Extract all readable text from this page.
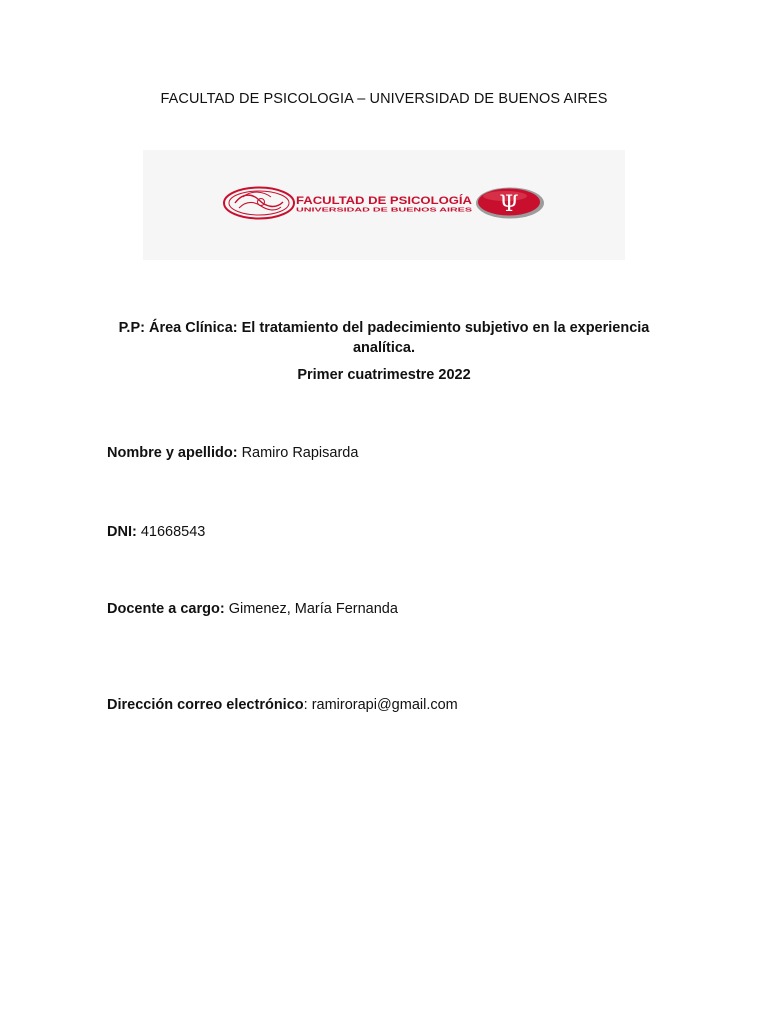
FACULTAD DE PSICOLOGIA – UNIVERSIDAD DE BUENOS AIRES
FACULTAD DE PSICOLOGÍA
UNIVERSIDAD DE BUENOS AIRES Ψ
P.P: Área Clínica: El tratamiento del padecimiento subjetivo en la experiencia analítica.
Primer cuatrimestre 2022
Nombre y apellido: Ramiro Rapisarda
DNI: 41668543
Docente a cargo: Gimenez, María Fernanda
Dirección correo electrónico: ramirorapi@gmail.com
